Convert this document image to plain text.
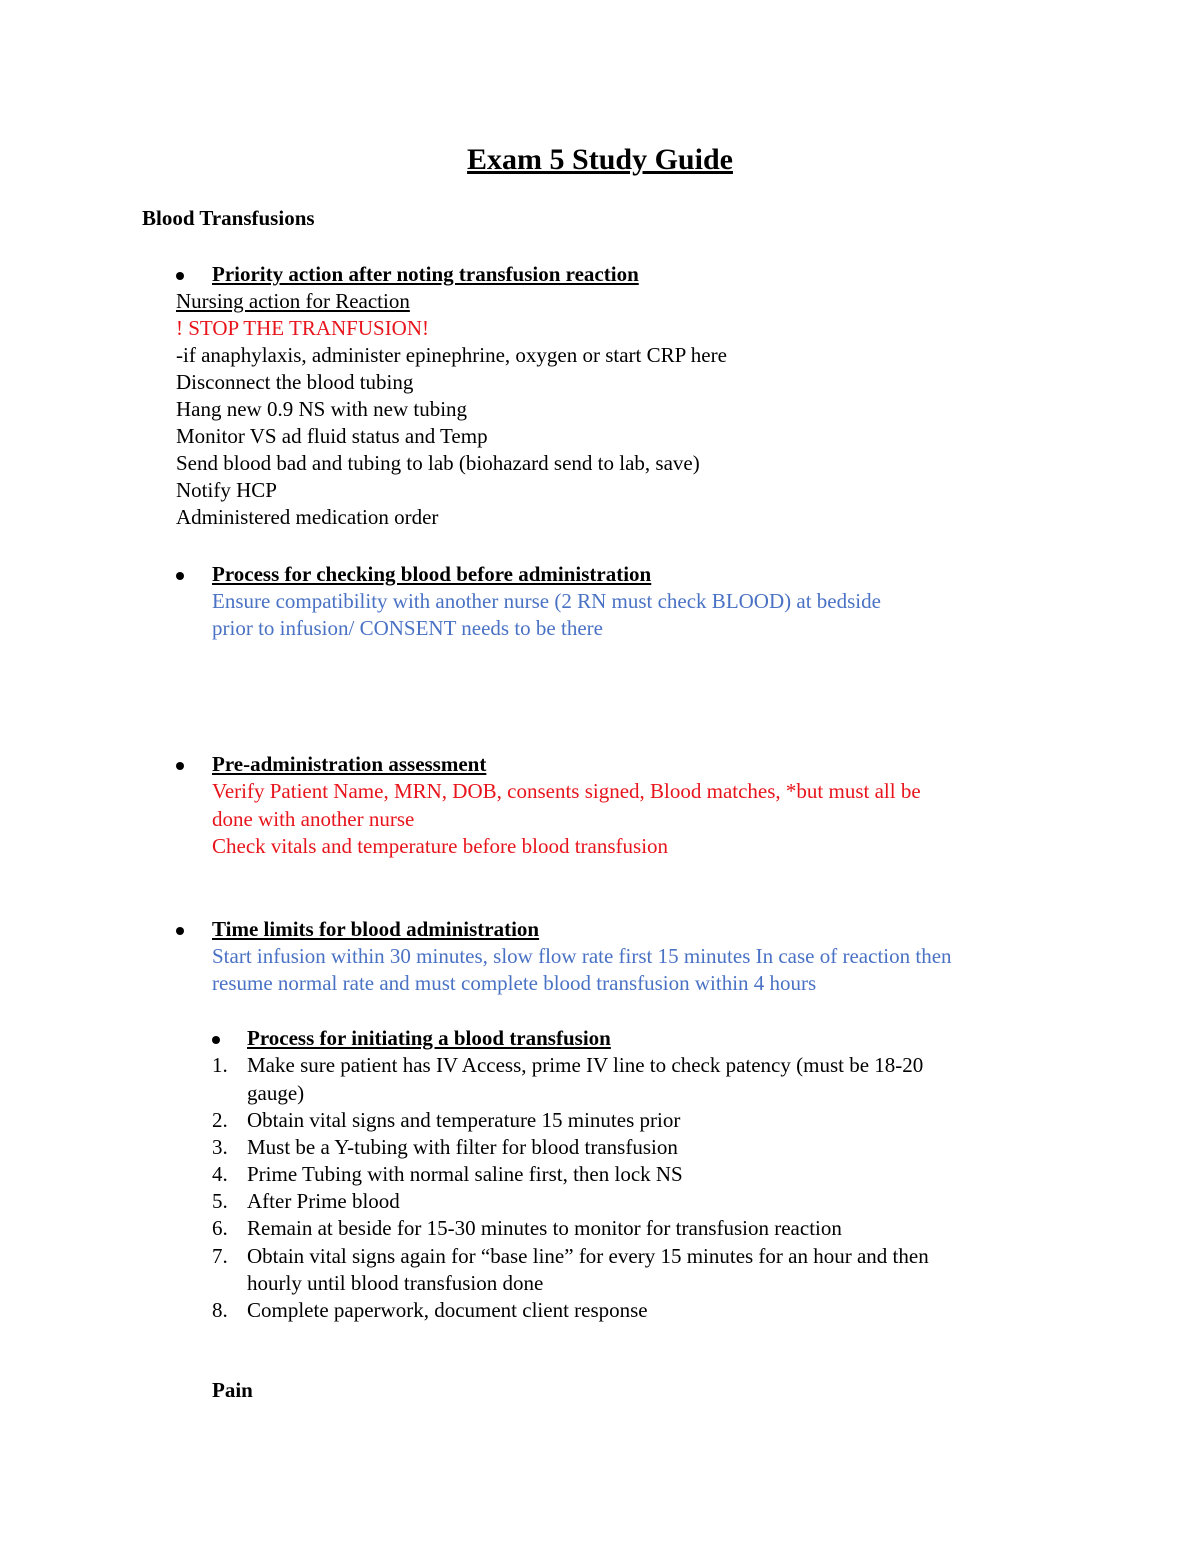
Exam 5 Study Guide
Blood Transfusions
Priority action after noting transfusion reaction
Nursing action for Reaction
! STOP THE TRANFUSION!
-if anaphylaxis, administer epinephrine, oxygen or start CRP here
Disconnect the blood tubing
Hang new 0.9 NS with new tubing
Monitor VS ad fluid status and Temp
Send blood bad and tubing to lab (biohazard send to lab, save)
Notify HCP
Administered medication order
Process for checking blood before administration
Ensure compatibility with another nurse (2 RN must check BLOOD) at bedside
prior to infusion/ CONSENT needs to be there
Pre-administration assessment
Verify Patient Name, MRN, DOB, consents signed, Blood matches, *but must all be
done with another nurse
Check vitals and temperature before blood transfusion
Time limits for blood administration
Start infusion within 30 minutes, slow flow rate first 15 minutes In case of reaction then
resume normal rate and must complete blood transfusion within 4 hours
Process for initiating a blood transfusion
1. Make sure patient has IV Access, prime IV line to check patency (must be 18-20
gauge)
2. Obtain vital signs and temperature 15 minutes prior
3. Must be a Y-tubing with filter for blood transfusion
4. Prime Tubing with normal saline first, then lock NS
5. After Prime blood
6. Remain at beside for 15-30 minutes to monitor for transfusion reaction
7. Obtain vital signs again for “base line” for every 15 minutes for an hour and then
hourly until blood transfusion done
8. Complete paperwork, document client response
Pain
